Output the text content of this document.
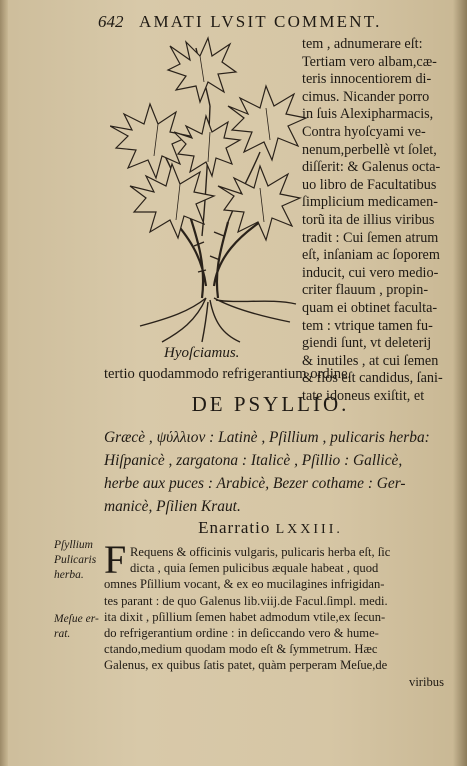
642 AMATI LVSIT COMMENT.
Hyoſciamus.
tem , adnumerare eſt:
Tertiam vero albam,cæ-
teris innocentiorem di-
cimus. Nicander porro
in ſuis Alexipharmacis,
Contra hyoſcyami ve-
nenum,perbellè vt ſolet,
diſſerit: & Galenus octa-
uo libro de Facultatibus
ſimplicium medicamen-
torũ ita de illius viribus
tradit : Cui ſemen atrum
eſt, inſaniam ac ſoporem
inducit, cui vero medio-
criter flauum , propin-
quam ei obtinet faculta-
tem : vtrique tamen fu-
giendi ſunt, vt deleterij
& inutiles , at cui ſemen
& flos eſt candidus, ſani-
tate idoneus exiſtit, et
tertio quodammodo refrigerantium ordine.
DE PSYLLIO.
Græcè , ψύλλιον : Latinè , Pſillium , pulicaris herba:
Hiſpanicè , zargatona : Italicè , Pſillio : Gallicè,
herbe aux puces : Arabicè, Bezer cothame : Ger-
manicè, Pſilien Kraut.
Enarratio LXXIII.
Pſyllium
Pulicaris
herba.
Meſue er-
rat.
F Requens & officinis vulgaris, pulicaris herba eſt, ſic
dicta , quia ſemen pulicibus æquale habeat , quod
omnes Pſillium vocant, & ex eo mucilagines infrigidan-
tes parant : de quo Galenus lib.viij.de Facul.ſimpl. medi.
ita dixit , pſillium ſemen habet admodum vtile,ex ſecun-
do refrigerantium ordine : in deſiccando vero & humе-
ctando,medium quodam modo eſt & ſymmetrum. Hæc
Galenus, ex quibus ſatis patet, quàm perperam Meſue,de
viribus
